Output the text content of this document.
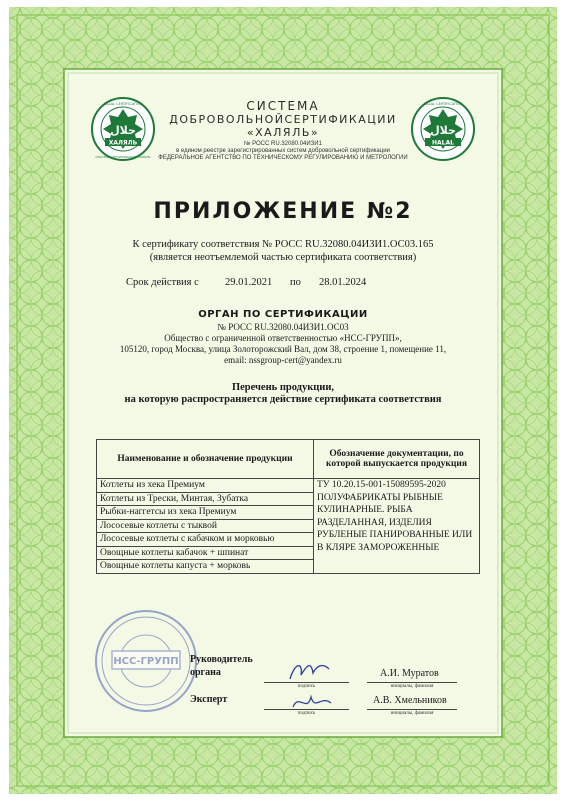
حلال
ХАЛЯЛЬ
HALAL CERTIFICATION
СИСТЕМА СЕРТИФИКАЦИИ ХАЛЯЛЬ
حلال
HALAL
HALAL CERTIFICATION
СИСТЕМА
ДОБРОВОЛЬНОЙСЕРТИФИКАЦИИ
«ХАЛЯЛЬ»
№ РОСС RU.32080.04ИЗИ1
в едином реестре зарегистрированных систем добровольной сертификации
ФЕДЕРАЛЬНОЕ АГЕНТСТВО ПО ТЕХНИЧЕСКОМУ РЕГУЛИРОВАНИЮ И МЕТРОЛОГИИ
ПРИЛОЖЕНИЕ №2
К сертификату соответствия № РОСС RU.32080.04ИЗИ1.ОС03.165
(является неотъемлемой частью сертификата соответствия)
Срок действия с 29.01.2021 по 28.01.2024
ОРГАН ПО СЕРТИФИКАЦИИ
№ РОСС RU.32080.04ИЗИ1.ОС03
Общество с ограниченной ответственностью «НСС-ГРУПП»,
105120, город Москва, улица Золоторожский Вал, дом 38, строение 1, помещение 11,
email: nssgroup-cert@yandex.ru
Перечень продукции,
на которую распространяется действие сертификата соответствия
Наименование и обозначение продукции	Обозначение документации, по которой выпускается продукция
Котлеты из хека Премиум	ТУ 10.20.15-001-15089595-2020
ПОЛУФАБРИКАТЫ РЫБНЫЕ КУЛИНАРНЫЕ. РЫБА РАЗДЕЛАННАЯ, ИЗДЕЛИЯ РУБЛЕНЫЕ ПАНИРОВАННЫЕ ИЛИ В КЛЯРЕ ЗАМОРОЖЕННЫЕ

Котлеты из Трески, Минтая, Зубатка	
Рыбки-наггетсы из хека Премиум	
Лососевые котлеты с тыквой	
Лососевые котлеты с кабачком и морковью	
Овощные котлеты кабачок + шпинат	
Овощные котлеты капуста + морковь	
НСС-ГРУПП Руководитель
органа
подпись
А.И. Муратов
инициалы, фамилия
Эксперт
подпись
А.В. Хмельников
инициалы, фамилия
